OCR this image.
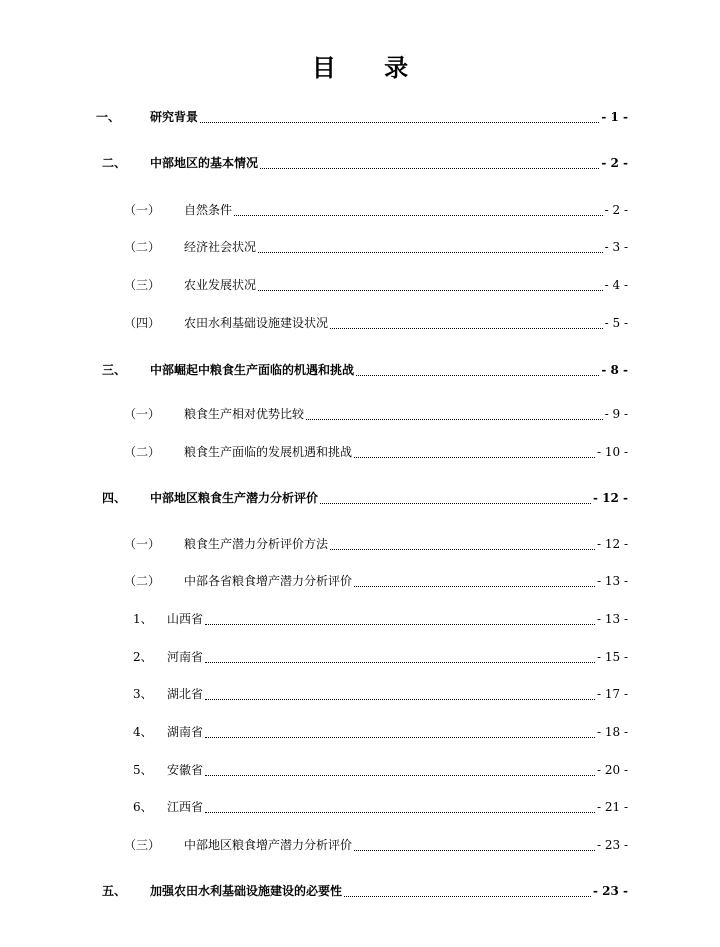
目 录
一、	研究背景	- 1 -
二、	中部地区的基本情况	- 2 -
（一）	自然条件	- 2 -
（二）	经济社会状况	- 3 -
（三）	农业发展状况	- 4 -
（四）	农田水利基础设施建设状况	- 5 -
三、	中部崛起中粮食生产面临的机遇和挑战	- 8 -
（一）	粮食生产相对优势比较	- 9 -
（二）	粮食生产面临的发展机遇和挑战	- 10 -
四、	中部地区粮食生产潜力分析评价	- 12 -
（一）	粮食生产潜力分析评价方法	- 12 -
（二）	中部各省粮食增产潜力分析评价	- 13 -
1、	山西省	- 13 -
2、	河南省	- 15 -
3、	湖北省	- 17 -
4、	湖南省	- 18 -
5、	安徽省	- 20 -
6、	江西省	- 21 -
（三）	中部地区粮食增产潜力分析评价	- 23 -
五、	加强农田水利基础设施建设的必要性	- 23 -
